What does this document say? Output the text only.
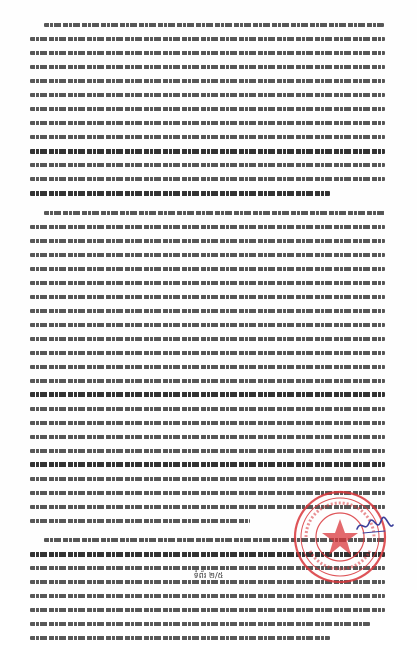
ទំព័រ ២/៥
